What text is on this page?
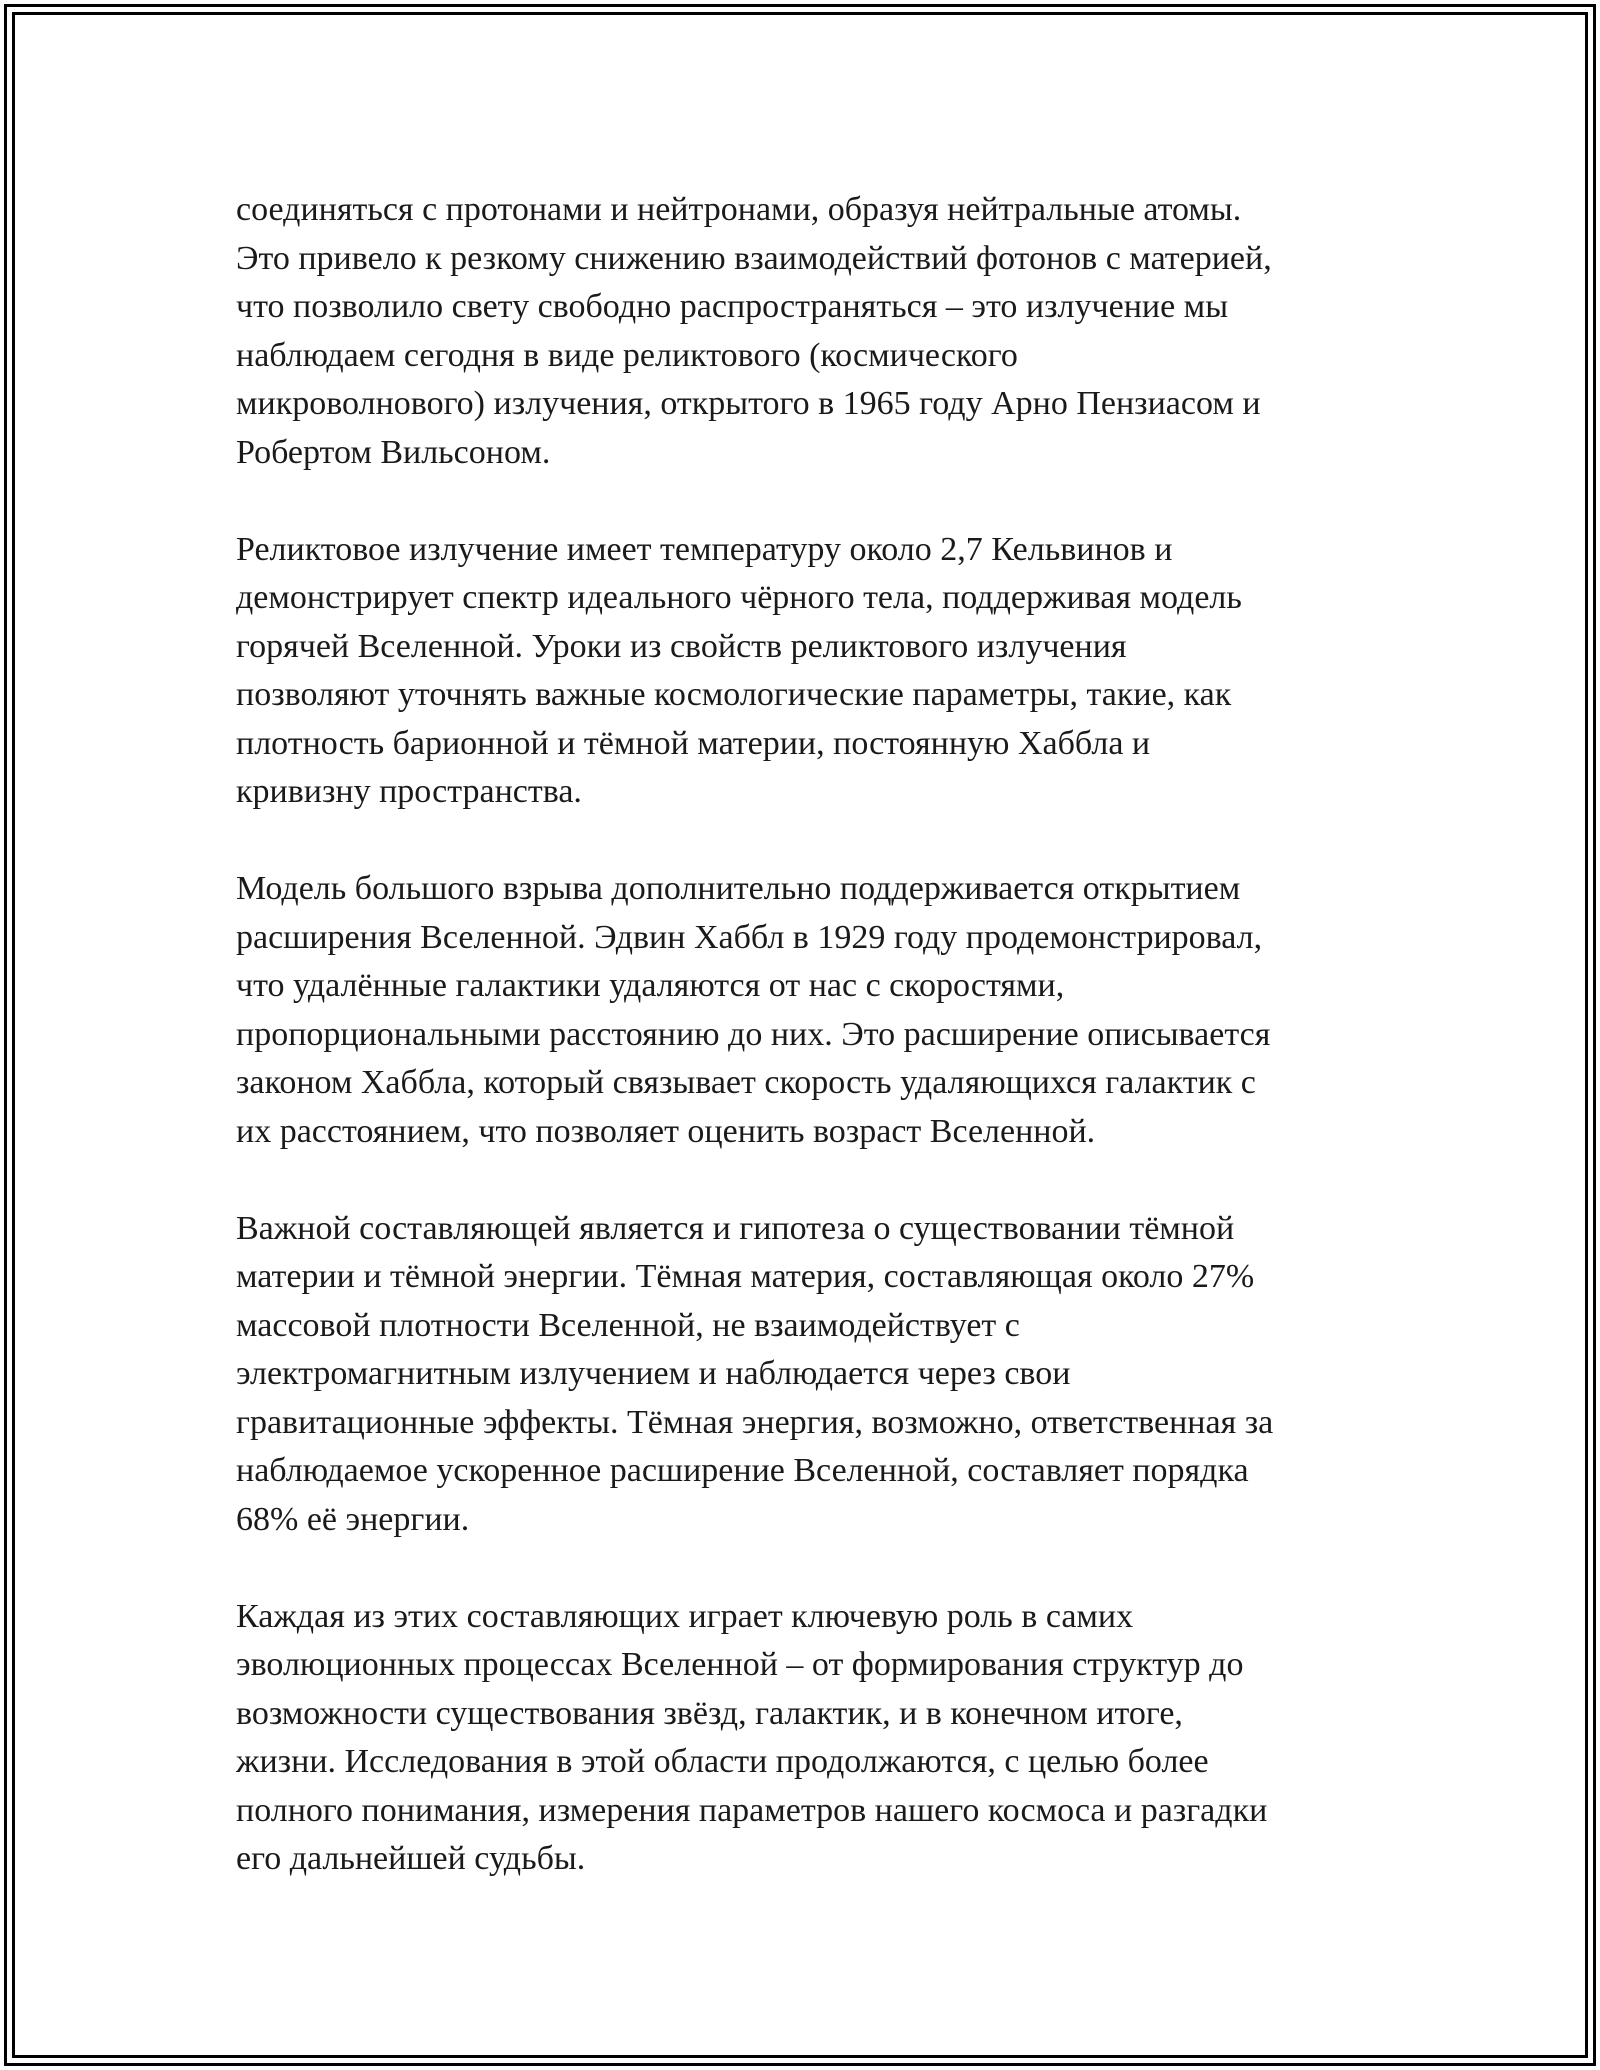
соединяться с протонами и нейтронами, образуя нейтральные атомы.
Это привело к резкому снижению взаимодействий фотонов с материей,
что позволило свету свободно распространяться – это излучение мы
наблюдаем сегодня в виде реликтового (космического
микроволнового) излучения, открытого в 1965 году Арно Пензиасом и
Робертом Вильсоном.
Реликтовое излучение имеет температуру около 2,7 Кельвинов и
демонстрирует спектр идеального чёрного тела, поддерживая модель
горячей Вселенной. Уроки из свойств реликтового излучения
позволяют уточнять важные космологические параметры, такие, как
плотность барионной и тёмной материи, постоянную Хаббла и
кривизну пространства.
Модель большого взрыва дополнительно поддерживается открытием
расширения Вселенной. Эдвин Хаббл в 1929 году продемонстрировал,
что удалённые галактики удаляются от нас с скоростями,
пропорциональными расстоянию до них. Это расширение описывается
законом Хаббла, который связывает скорость удаляющихся галактик с
их расстоянием, что позволяет оценить возраст Вселенной.
Важной составляющей является и гипотеза о существовании тёмной
материи и тёмной энергии. Тёмная материя, составляющая около 27%
массовой плотности Вселенной, не взаимодействует с
электромагнитным излучением и наблюдается через свои
гравитационные эффекты. Тёмная энергия, возможно, ответственная за
наблюдаемое ускоренное расширение Вселенной, составляет порядка
68% её энергии.
Каждая из этих составляющих играет ключевую роль в самих
эволюционных процессах Вселенной – от формирования структур до
возможности существования звёзд, галактик, и в конечном итоге,
жизни. Исследования в этой области продолжаются, с целью более
полного понимания, измерения параметров нашего космоса и разгадки
его дальнейшей судьбы.
